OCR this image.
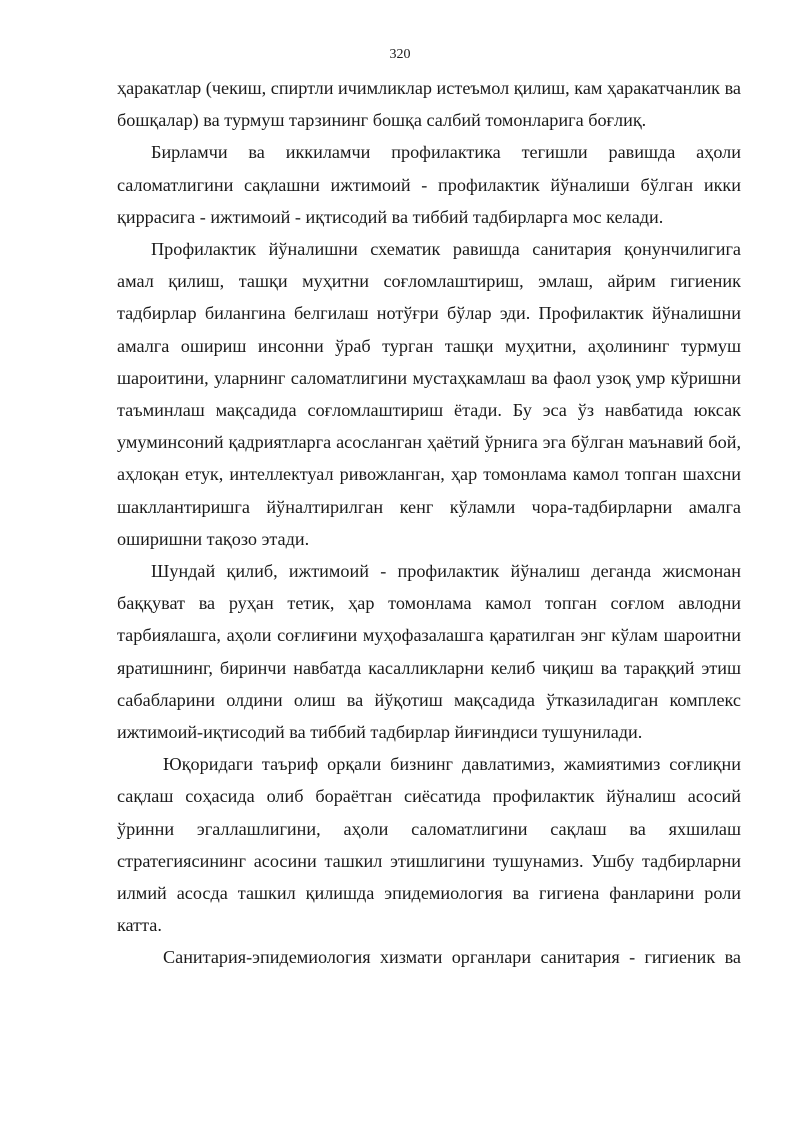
320

ҳаракатлар (чекиш, спиртли ичимликлар истеъмол қилиш, кам ҳаракатчанлик ва бошқалар) ва турмуш тарзининг бошқа салбий томонларига боғлиқ.

Бирламчи ва иккиламчи профилактика тегишли равишда аҳоли саломатлигини сақлашни ижтимоий - профилактик йўналиши бўлган икки қиррасига - ижтимоий - иқтисодий ва тиббий тадбирларга мос келади.

Профилактик йўналишни схематик равишда санитария қонунчилигига амал қилиш, ташқи муҳитни соғломлаштириш, эмлаш, айрим гигиеник тадбирлар билангина белгилаш нотўғри бўлар эди. Профилактик йўналишни амалга ошириш инсонни ўраб турган ташқи муҳитни, аҳолининг турмуш шароитини, уларнинг саломатлигини мустаҳкамлаш ва фаол узоқ умр кўришни таъминлаш мақсадида соғломлаштириш ётади. Бу эса ўз навбатида юксак умуминсоний қадриятларга асосланган ҳаётий ўрнига эга бўлган маънавий бой, аҳлоқан етук, интеллектуал ривожланган, ҳар томонлама камол топган шахсни шакллантиришга йўналтирилган кенг кўламли чора-тадбирларни амалга оширишни тақозо этади.

Шундай қилиб, ижтимоий - профилактик йўналиш деганда жисмонан баққуват ва руҳан тетик, ҳар томонлама камол топган соғлом авлодни тарбиялашга, аҳоли соғлиғини муҳофазалашга қаратилган энг кўлам шароитни яратишнинг, биринчи навбатда касалликларни келиб чиқиш ва тараққий этиш сабабларини олдини олиш ва йўқотиш мақсадида ўтказиладиган комплекс ижтимоий-иқтисодий ва тиббий тадбирлар йиғиндиси тушунилади.

Юқоридаги таъриф орқали бизнинг давлатимиз, жамиятимиз соғлиқни сақлаш соҳасида олиб бораётган сиёсатида профилактик йўналиш асосий ўринни эгаллашлигини, аҳоли саломатлигини сақлаш ва яхшилаш стратегиясининг асосини ташкил этишлигини тушунамиз. Ушбу тадбирларни илмий асосда ташкил қилишда эпидемиология ва гигиена фанларини роли катта.

Санитария-эпидемиология хизмати органлари санитария - гигиеник ва
